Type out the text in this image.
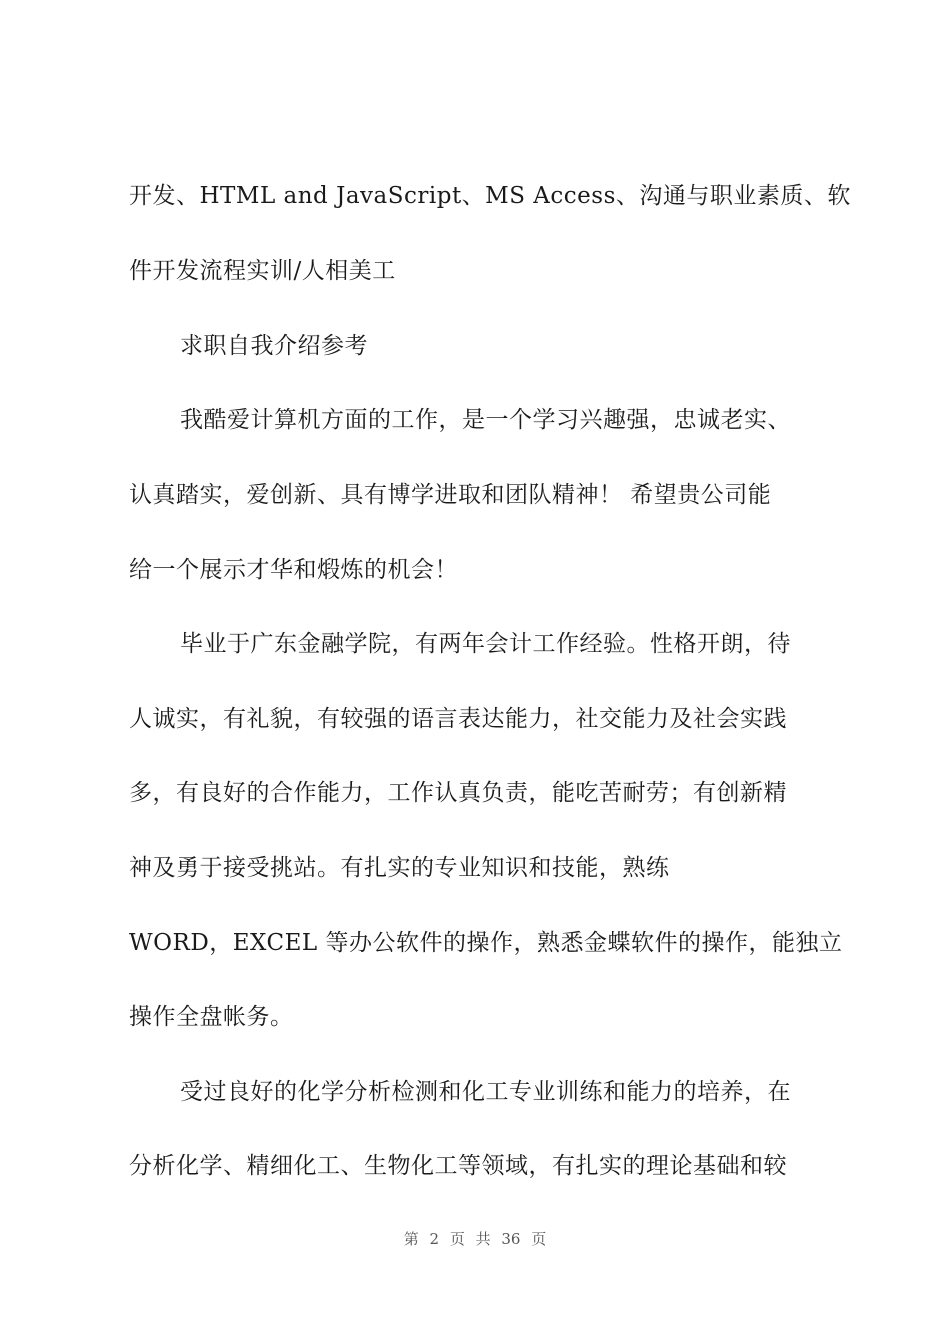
开发、HTML and JavaScript、MS Access、沟通与职业素质、软
件开发流程实训/人相美工
求职自我介绍参考
我酷爱计算机方面的工作，是一个学习兴趣强，忠诚老实、
认真踏实，爱创新、具有博学进取和团队精神！ 希望贵公司能
给一个展示才华和煅炼的机会！
毕业于广东金融学院，有两年会计工作经验。性格开朗，待
人诚实，有礼貌，有较强的语言表达能力，社交能力及社会实践
多，有良好的合作能力，工作认真负责，能吃苦耐劳；有创新精
神及勇于接受挑站。有扎实的专业知识和技能，熟练
WORD，EXCEL 等办公软件的操作，熟悉金蝶软件的操作，能独立
操作全盘帐务。
受过良好的化学分析检测和化工专业训练和能力的培养，在
分析化学、精细化工、生物化工等领域，有扎实的理论基础和较
第 2 页 共 36 页
